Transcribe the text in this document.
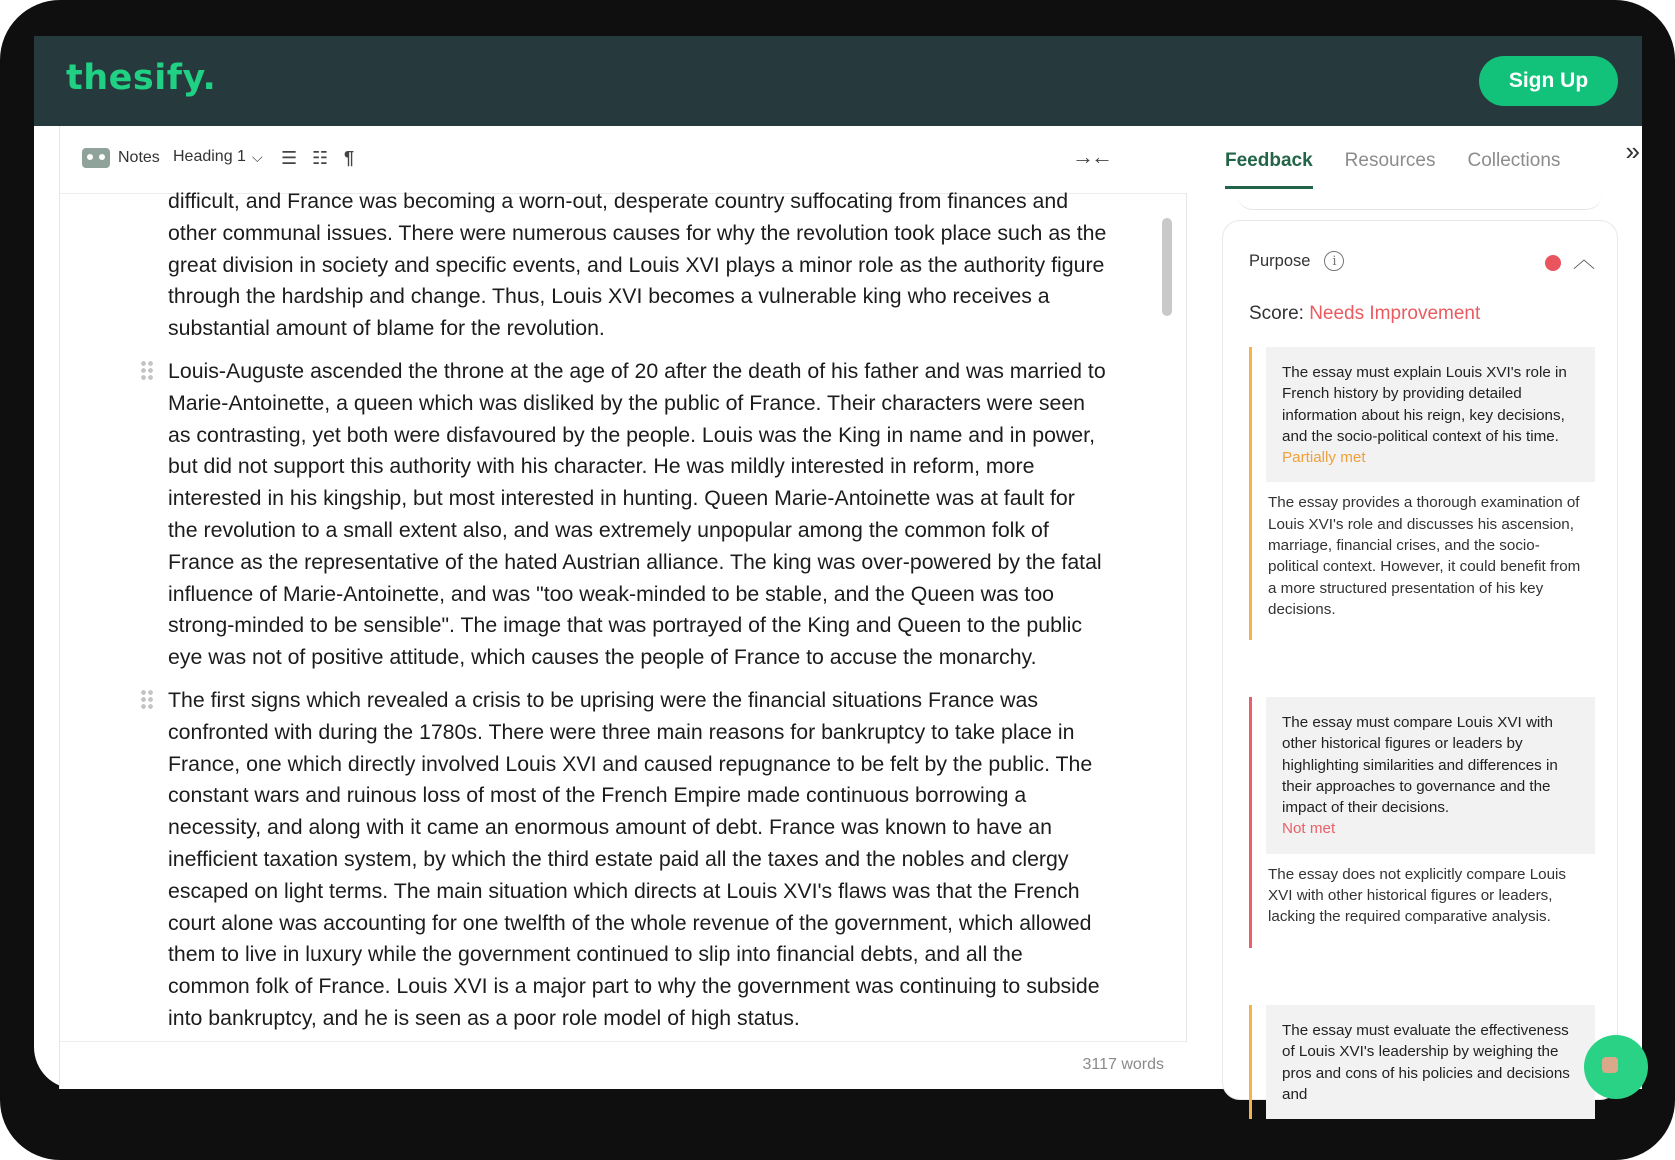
thesify.	Sign Up
Notes Heading 1 ⌵ ☰ ☷ ¶	→←
difficult, and France was becoming a worn-out, desperate country suffocating from finances and other communal issues. There were numerous causes for why the revolution took place such as the great division in society and specific events, and Louis XVI plays a minor role as the authority figure through the hardship and change. Thus, Louis XVI becomes a vulnerable king who receives a substantial amount of blame for the revolution.
Louis-Auguste ascended the throne at the age of 20 after the death of his father and was married to Marie-Antoinette, a queen which was disliked by the public of France. Their characters were seen as contrasting, yet both were disfavoured by the people. Louis was the King in name and in power, but did not support this authority with his character. He was mildly interested in reform, more interested in his kingship, but most interested in hunting. Queen Marie-Antoinette was at fault for the revolution to a small extent also, and was extremely unpopular among the common folk of France as the representative of the hated Austrian alliance. The king was over-powered by the fatal influence of Marie-Antoinette, and was "too weak-minded to be stable, and the Queen was too strong-minded to be sensible". The image that was portrayed of the King and Queen to the public eye was not of positive attitude, which causes the people of France to accuse the monarchy.
The first signs which revealed a crisis to be uprising were the financial situations France was confronted with during the 1780s. There were three main reasons for bankruptcy to take place in France, one which directly involved Louis XVI and caused repugnance to be felt by the public. The constant wars and ruinous loss of most of the French Empire made continuous borrowing a necessity, and along with it came an enormous amount of debt. France was known to have an inefficient taxation system, by which the third estate paid all the taxes and the nobles and clergy escaped on light terms. The main situation which directs at Louis XVI's flaws was that the French court alone was accounting for one twelfth of the whole revenue of the government, which allowed them to live in luxury while the government continued to slip into financial debts, and all the common folk of France. Louis XVI is a major part to why the government was continuing to subside into bankruptcy, and he is seen as a poor role model of high status.
3117 words
Feedback Resources Collections	»
Purpose	i	︿
Score: Needs Improvement
The essay must explain Louis XVI's role in French history by providing detailed information about his reign, key decisions, and the socio-political context of his time.
Partially met
The essay provides a thorough examination of Louis XVI's role and discusses his ascension, marriage, financial crises, and the socio-political context. However, it could benefit from a more structured presentation of his key decisions.
The essay must compare Louis XVI with other historical figures or leaders by highlighting similarities and differences in their approaches to governance and the impact of their decisions.
Not met
The essay does not explicitly compare Louis XVI with other historical figures or leaders, lacking the required comparative analysis.
The essay must evaluate the effectiveness of Louis XVI's leadership by weighing the pros and cons of his policies and decisions and
